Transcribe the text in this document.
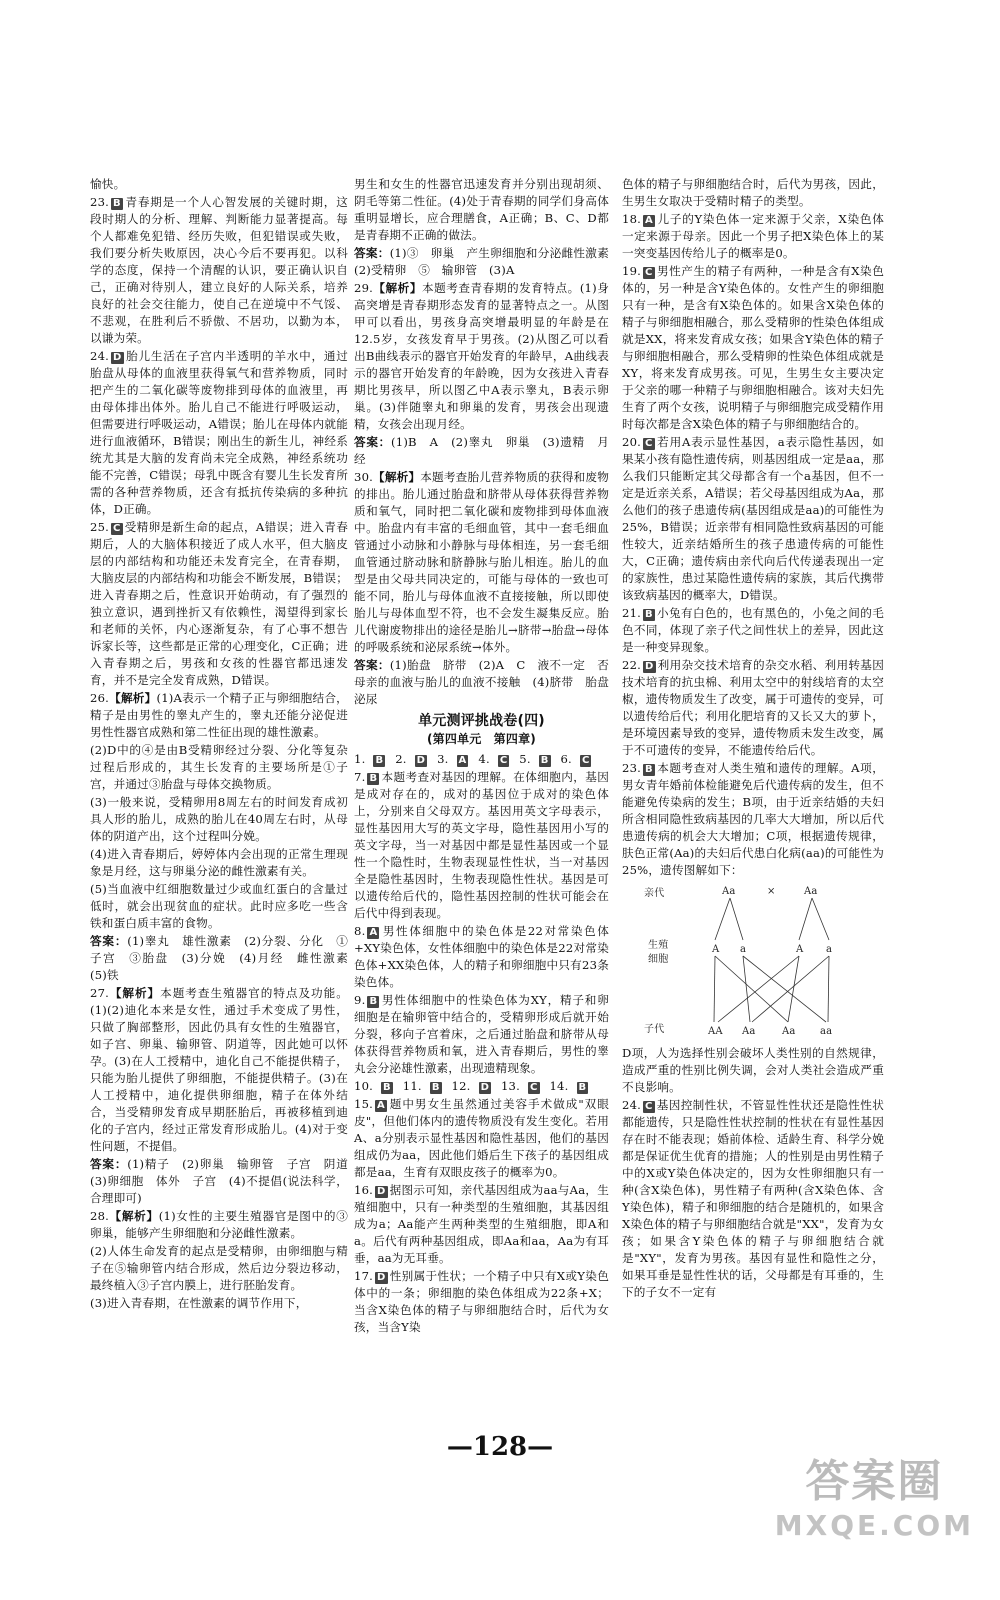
愉快。

23. B 青春期是一个人心智发展的关键时期，这段时期人的分析、理解、判断能力显著提高。每个人都难免犯错、经历失败，但犯错误或失败，我们要分析失败原因，决心今后不要再犯。以科学的态度，保持一个清醒的认识，要正确认识自己，正确对待别人，建立良好的人际关系，培养良好的社会交往能力，使自己在逆境中不气馁、不悲观，在胜利后不骄傲、不居功，以勤为本，以谦为荣。

24. D 胎儿生活在子宫内半透明的羊水中，通过胎盘从母体的血液里获得氧气和营养物质，同时把产生的二氧化碳等废物排到母体的血液里，再由母体排出体外。胎儿自己不能进行呼吸运动，但需要进行呼吸运动，A错误；胎儿在母体内就能进行血液循环，B错误；刚出生的新生儿，神经系统尤其是大脑的发育尚未完全成熟，神经系统功能不完善，C错误；母乳中既含有婴儿生长发育所需的各种营养物质，还含有抵抗传染病的多种抗体，D正确。

25. C 受精卵是新生命的起点，A错误；进入青春期后，人的大脑体积接近了成人水平，但大脑皮层的内部结构和功能还未发育完全，在青春期，大脑皮层的内部结构和功能会不断发展，B错误；进入青春期之后，性意识开始萌动，有了强烈的独立意识，遇到挫折又有依赖性，渴望得到家长和老师的关怀，内心逐渐复杂，有了心事不想告诉家长等，这些都是正常的心理变化，C正确；进入青春期之后，男孩和女孩的性器官都迅速发育，并不是完全发育成熟，D错误。

26.【解析】(1)A表示一个精子正与卵细胞结合，精子是由男性的睾丸产生的，睾丸还能分泌促进男性性器官成熟和第二性征出现的雄性激素。

(2)D中的④是由B受精卵经过分裂、分化等复杂过程后形成的，其生长发育的主要场所是①子宫，并通过③胎盘与母体交换物质。

(3)一般来说，受精卵用8周左右的时间发育成初具人形的胎儿，成熟的胎儿在40周左右时，从母体的阴道产出，这个过程叫分娩。

(4)进入青春期后，婷婷体内会出现的正常生理现象是月经，这与卵巢分泌的雌性激素有关。

(5)当血液中红细胞数量过少或血红蛋白的含量过低时，就会出现贫血的症状。此时应多吃一些含铁和蛋白质丰富的食物。

答案：(1)睾丸　雄性激素　(2)分裂、分化　①子宫　③胎盘　(3)分娩　(4)月经　雌性激素　(5)铁

27.【解析】本题考查生殖器官的特点及功能。(1)(2)迪化本来是女性，通过手术变成了男性，只做了胸部整形，因此仍具有女性的生殖器官，如子宫、卵巢、输卵管、阴道等，因此她可以怀孕。(3)在人工授精中，迪化自己不能提供精子，只能为胎儿提供了卵细胞，不能提供精子。(3)在人工授精中，迪化提供卵细胞，精子在体外结合，当受精卵发育成早期胚胎后，再被移植到迪化的子宫内，经过正常发育形成胎儿。(4)对于变性问题，不提倡。

答案：(1)精子　(2)卵巢　输卵管　子宫　阴道　(3)卵细胞　体外　子宫　(4)不提倡(说法科学，合理即可)

28.【解析】(1)女性的主要生殖器官是图中的③卵巢，能够产生卵细胞和分泌雌性激素。

(2)人体生命发育的起点是受精卵，由卵细胞与精子在⑤输卵管内结合形成，然后边分裂边移动，最终植入③子宫内膜上，进行胚胎发育。

(3)进入青春期，在性激素的调节作用下，

男生和女生的性器官迅速发育并分别出现胡须、阴毛等第二性征。(4)处于青春期的同学们身高体重明显增长，应合理膳食，A正确；B、C、D都是青春期不正确的做法。

答案：(1)③　卵巢　产生卵细胞和分泌雌性激素　(2)受精卵　⑤　输卵管　(3)A

29.【解析】本题考查青春期的发育特点。(1)身高突增是青春期形态发育的显著特点之一。从图甲可以看出，男孩身高突增最明显的年龄是在12.5岁，女孩发育早于男孩。(2)从图乙可以看出B曲线表示的器官开始发育的年龄早，A曲线表示的器官开始发育的年龄晚，因为女孩进入青春期比男孩早，所以图乙中A表示睾丸，B表示卵巢。(3)伴随睾丸和卵巢的发育，男孩会出现遗精，女孩会出现月经。

答案：(1)B　A　(2)睾丸　卵巢　(3)遗精　月经

30.【解析】本题考查胎儿营养物质的获得和废物的排出。胎儿通过胎盘和脐带从母体获得营养物质和氧气，同时把二氧化碳和废物排到母体血液中。胎盘内有丰富的毛细血管，其中一套毛细血管通过小动脉和小静脉与母体相连，另一套毛细血管通过脐动脉和脐静脉与胎儿相连。胎儿的血型是由父母共同决定的，可能与母体的一致也可能不同，胎儿与母体血液不直接接触，所以即使胎儿与母体血型不符，也不会发生凝集反应。胎儿代谢废物排出的途径是胎儿→脐带→胎盘→母体的呼吸系统和泌尿系统→体外。

答案：(1)胎盘　脐带　(2)A　C　液不一定　否　母亲的血液与胎儿的血液不接触　(4)脐带　胎盘　泌尿

单元测评挑战卷(四)
(第四单元　第四章)

1. B 2. D 3. A 4. C 5. B 6. C

7. B 本题考查对基因的理解。在体细胞内，基因是成对存在的，成对的基因位于成对的染色体上，分别来自父母双方。基因用英文字母表示，显性基因用大写的英文字母，隐性基因用小写的英文字母，当一对基因中都是显性基因或一个显性一个隐性时，生物表现显性性状，当一对基因全是隐性基因时，生物表现隐性性状。基因是可以遗传给后代的，隐性基因控制的性状可能会在后代中得到表现。

8. A 男性体细胞中的染色体是22对常染色体+XY染色体，女性体细胞中的染色体是22对常染色体+XX染色体，人的精子和卵细胞中只有23条染色体。

9. B 男性体细胞中的性染色体为XY，精子和卵细胞是在输卵管中结合的，受精卵形成后就开始分裂，移向子宫着床，之后通过胎盘和脐带从母体获得营养物质和氧，进入青春期后，男性的睾丸会分泌雄性激素，出现遗精现象。

10. B 11. B 12. D 13. C 14. B

15. A 题中男女生虽然通过美容手术做成"双眼皮"，但他们体内的遗传物质没有发生变化。若用A、a分别表示显性基因和隐性基因，他们的基因组成仍为aa，因此他们婚后生下孩子的基因组成都是aa，生育有双眼皮孩子的概率为0。

16. D 据图示可知，亲代基因组成为aa与Aa，生殖细胞中，只有一种类型的生殖细胞，其基因组成为a；Aa能产生两种类型的生殖细胞，即A和a。后代有两种基因组成，即Aa和aa，Aa为有耳垂，aa为无耳垂。

17. D 性别属于性状；一个精子中只有X或Y染色体中的一条；卵细胞的染色体组成为22条+X；当含X染色体的精子与卵细胞结合时，后代为女孩，当含Y染

色体的精子与卵细胞结合时，后代为男孩，因此，生男生女取决于受精时精子的类型。

18. A 儿子的Y染色体一定来源于父亲，X染色体一定来源于母亲。因此一个男子把X染色体上的某一突变基因传给儿子的概率是0。

19. C 男性产生的精子有两种，一种是含有X染色体的，另一种是含Y染色体的。女性产生的卵细胞只有一种，是含有X染色体的。如果含X染色体的精子与卵细胞相融合，那么受精卵的性染色体组成就是XX，将来发育成女孩；如果含Y染色体的精子与卵细胞相融合，那么受精卵的性染色体组成就是XY，将来发育成男孩。可见，生男生女主要决定于父亲的哪一种精子与卵细胞相融合。该对夫妇先生育了两个女孩，说明精子与卵细胞完成受精作用时每次都是含X染色体的精子与卵细胞结合的。

20. C 若用A表示显性基因，a表示隐性基因，如果某小孩有隐性遗传病，则基因组成一定是aa，那么我们只能断定其父母都含有一个a基因，但不一定是近亲关系，A错误；若父母基因组成为Aa，那么他们的孩子患遗传病(基因组成是aa)的可能性为25%，B错误；近亲带有相同隐性致病基因的可能性较大，近亲结婚所生的孩子患遗传病的可能性大，C正确；遗传病由亲代向后代传递表现出一定的家族性，患过某隐性遗传病的家族，其后代携带该致病基因的概率大，D错误。

21. B 小兔有白色的，也有黑色的，小兔之间的毛色不同，体现了亲子代之间性状上的差异，因此这是一种变异现象。

22. D 利用杂交技术培育的杂交水稻、利用转基因技术培育的抗虫棉、利用太空中的射线培育的太空椒，遗传物质发生了改变，属于可遗传的变异，可以遗传给后代；利用化肥培育的又长又大的萝卜，是环境因素导致的变异，遗传物质未发生改变，属于不可遗传的变异，不能遗传给后代。

23. B 本题考查对人类生殖和遗传的理解。A项，男女青年婚前体检能避免后代遗传病的发生，但不能避免传染病的发生；B项，由于近亲结婚的夫妇所含相同隐性致病基因的几率大大增加，所以后代患遗传病的机会大大增加；C项，根据遗传规律，肤色正常(Aa)的夫妇后代患白化病(aa)的可能性为25%，遗传图解如下：

亲代
生殖
细胞
子代
Aa	×	Aa
A a	A a
AA Aa	Aa aa

D项，人为选择性别会破坏人类性别的自然规律，造成严重的性别比例失调，会对人类社会造成严重不良影响。

24. C 基因控制性状，不管显性性状还是隐性性状都能遗传，只是隐性性状控制的性状在有显性基因存在时不能表现；婚前体检、适龄生育、科学分娩都是保证优生优育的措施；人的性别是由男性精子中的X或Y染色体决定的，因为女性卵细胞只有一种(含X染色体)，男性精子有两种(含X染色体、含Y染色体)，精子和卵细胞的结合是随机的，如果含X染色体的精子与卵细胞结合就是"XX"，发育为女孩；如果含Y染色体的精子与卵细胞结合就是"XY"，发育为男孩。基因有显性和隐性之分，如果耳垂是显性性状的话，父母都是有耳垂的，生下的子女不一定有

—128—
答案圈
MXQE.COM
